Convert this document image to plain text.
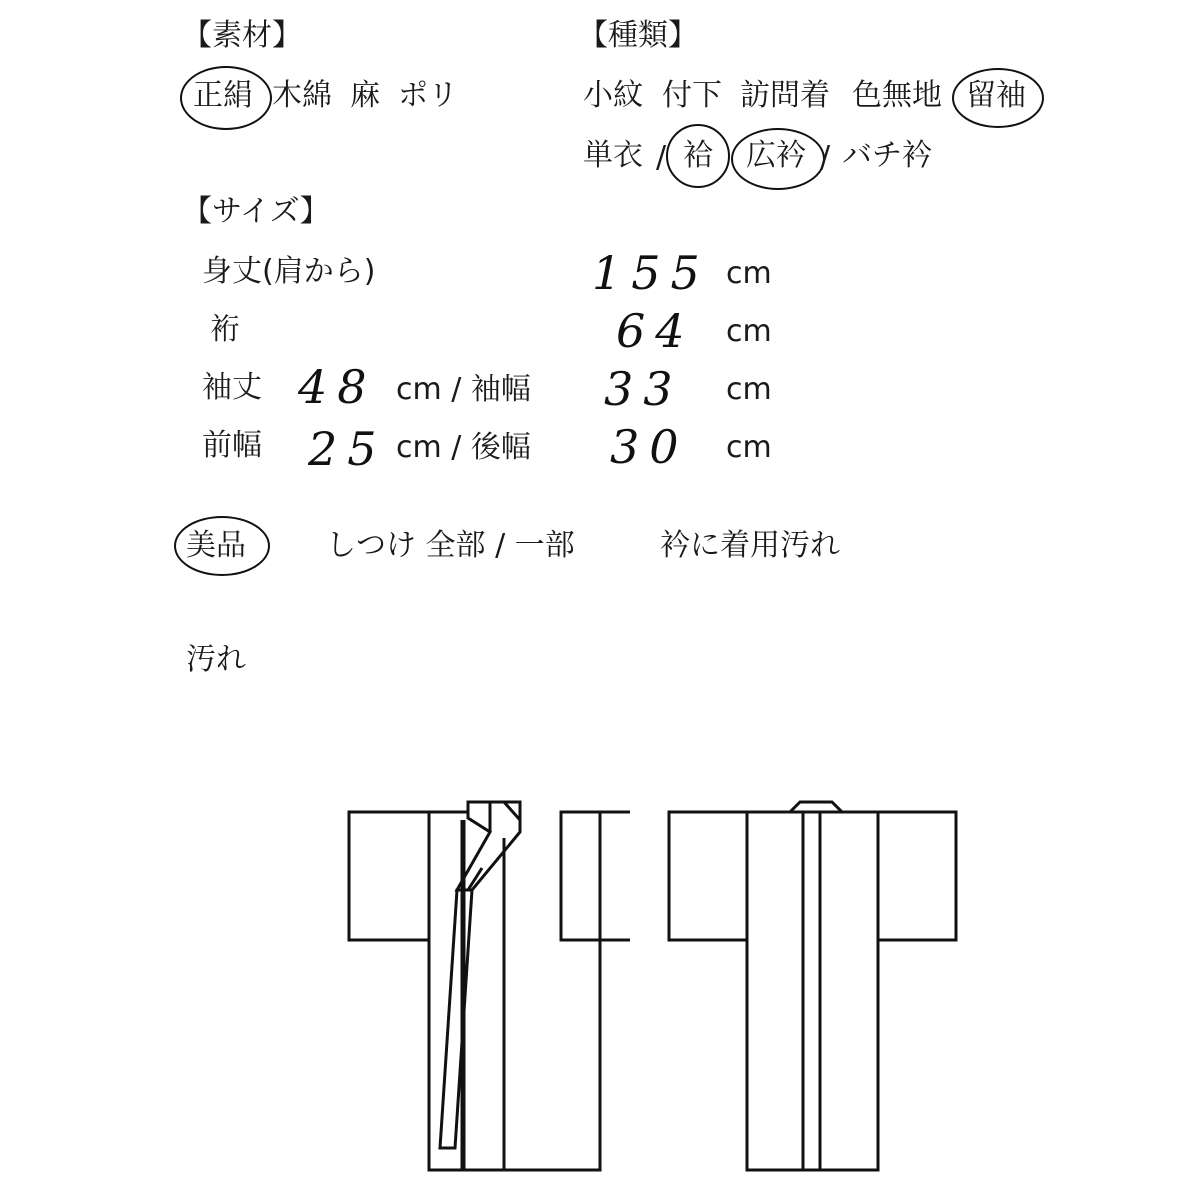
【素材】
正絹 木綿 麻 ポリ
【種類】
小紋 付下 訪問着 色無地 留袖
単衣 / 袷 広衿 / バチ衿
【サイズ】
身丈(肩から)	155 cm
裄	64 cm
袖丈 48 cm / 袖幅 33 cm
前幅 25 cm / 後幅 30 cm
美品	しつけ 全部 / 一部	衿に着用汚れ
汚れ
